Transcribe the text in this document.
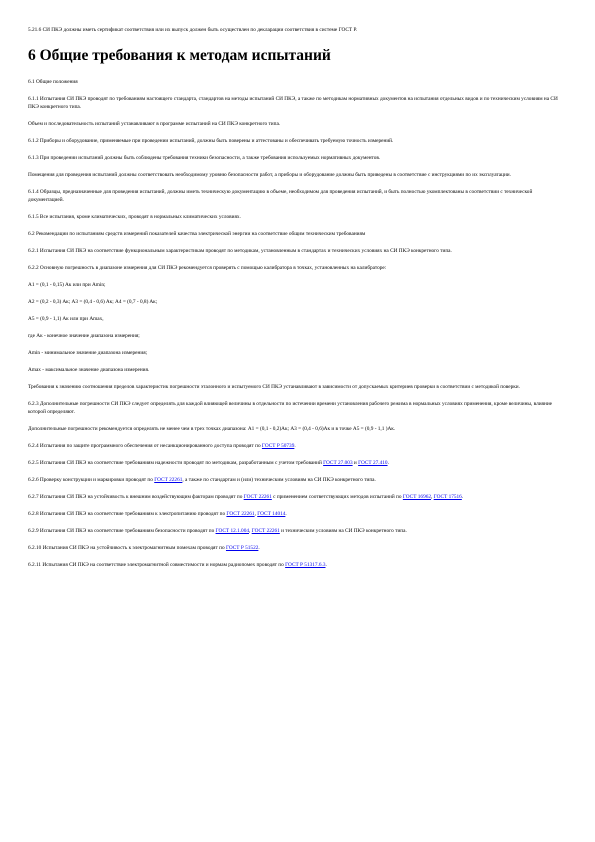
5.21.6 СИ ПКЭ должны иметь сертификат соответствия или их выпуск должен быть осуществлен по декларации соответствия в системе ГОСТ Р.

6 Общие требования к методам испытаний

6.1 Общие положения

6.1.1 Испытания СИ ПКЭ проводят по требованиям настоящего стандарта, стандартов на методы испытаний СИ ПКЭ, а также по методикам нормативных документов на испытания отдельных видов и по техническим условиям на СИ ПКЭ конкретного типа.

Объем и последовательность испытаний устанавливают в программе испытаний на СИ ПКЭ конкретного типа.

6.1.2 Приборы и оборудование, применяемые при проведении испытаний, должны быть поверены и аттестованы и обеспечивать требуемую точность измерений.

6.1.3 При проведении испытаний должны быть соблюдены требования техники безопасности, а также требования используемых нормативных документов.

Помещения для проведения испытаний должны соответствовать необходимому уровню безопасности работ, а приборы и оборудование должны быть приведены в соответствие с инструкциями по их эксплуатации.

6.1.4 Образцы, предназначенные для проведения испытаний, должны иметь техническую документацию в объеме, необходимом для проведения испытаний, и быть полностью укомплектованы в соответствии с технической документацией.

6.1.5 Все испытания, кроме климатических, проводят в нормальных климатических условиях.

6.2 Рекомендации по испытаниям средств измерений показателей качества электрической энергии на соответствие общим техническим требованиям

6.2.1 Испытания СИ ПКЭ на соответствие функциональным характеристикам проводят по методикам, установленным в стандартах и технических условиях на СИ ПКЭ конкретного типа.

6.2.2 Основную погрешность в диапазоне измерения для СИ ПКЭ рекомендуется проверять с помощью калибратора в точках, установленных на калибраторе:

A1 = (0,1 - 0,15) Aк или при Amin;

A2 = (0,2 - 0,3) Aк; A3 = (0,4 - 0,6) Aк; A4 = (0,7 - 0,8) Aк;

A5 = (0,9 - 1,1) Aк или при Amax,

где Aк - конечное значение диапазона измерения;

Amin - минимальное значение диапазона измерения;

Amax - максимальное значение диапазона измерения.

Требования к значению соотношения пределов характеристик погрешности эталонного и испытуемого СИ ПКЭ устанавливают в зависимости от допускаемых критериев проверки в соответствии с методикой поверки.

6.2.3 Дополнительные погрешности СИ ПКЭ следует определять для каждой влияющей величины в отдельности по истечении времени установления рабочего режима в нормальных условиях применения, кроме величины, влияние которой определяют.

Дополнительные погрешности рекомендуется определять не менее чем в трех точках диапазона: A1 = (0,1 - 0,2)Aк; A3 = (0,4 - 0,6)Aк и в точке A5 = (0,9 - 1,1 )Aк.

6.2.4 Испытания по защите программного обеспечения от несанкционированного доступа проводят по ГОСТ Р 50739.

6.2.5 Испытания СИ ПКЭ на соответствие требованиям надежности проводят по методикам, разработанным с учетом требований ГОСТ 27.003 и ГОСТ 27.410.

6.2.6 Проверку конструкции и маркировки проводят по ГОСТ 22261, а также по стандартам и (или) техническим условиям на СИ ПКЭ конкретного типа.

6.2.7 Испытания СИ ПКЭ на устойчивость к внешним воздействующим факторам проводят по ГОСТ 22261 с применением соответствующих методов испытаний по ГОСТ 16962, ГОСТ 17516.

6.2.8 Испытания СИ ПКЭ на соответствие требованиям к электропитанию проводят по ГОСТ 22261, ГОСТ 14014.

6.2.9 Испытания СИ ПКЭ на соответствие требованиям безопасности проводят по ГОСТ 12.1.004, ГОСТ 22261 и техническим условиям на СИ ПКЭ конкретного типа.

6.2.10 Испытания СИ ПКЭ на устойчивость к электромагнитным помехам проводят по ГОСТ Р 51522.

6.2.11 Испытания СИ ПКЭ на соответствие электромагнитной совместимости и нормам радиопомех проводят по ГОСТ Р 51317.6.3.
